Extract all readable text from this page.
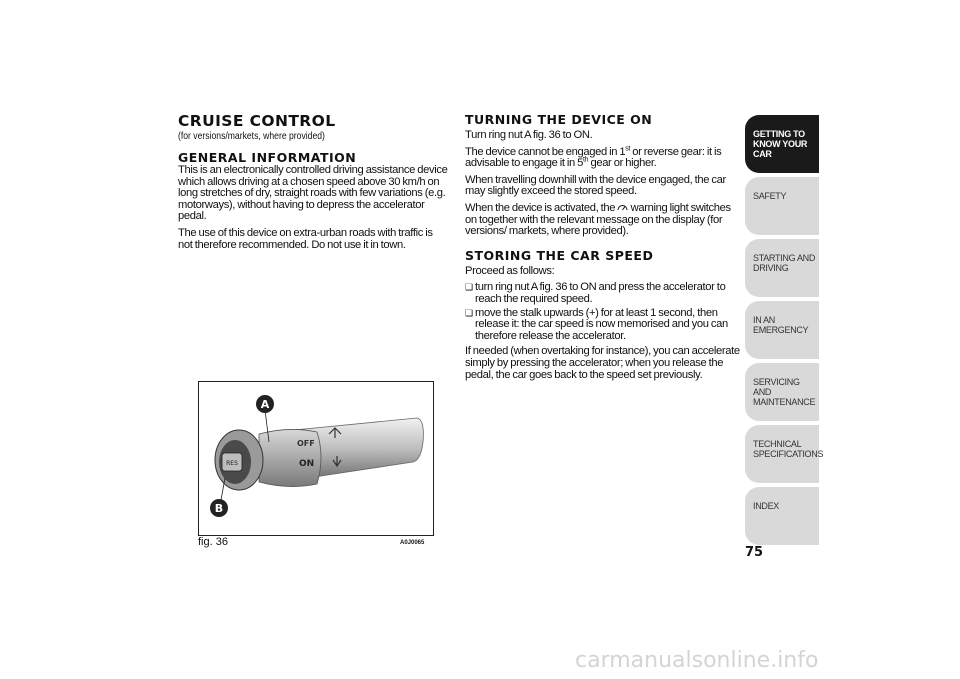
CRUISE CONTROL
(for versions/markets, where provided)
GENERAL INFORMATION

This is an electronically controlled driving assistance device which allows driving at a chosen speed above 30 km/h on long stretches of dry, straight roads with few variations (e.g. motorways), without having to depress the accelerator pedal.

The use of this device on extra-urban roads with traffic is not therefore recommended. Do not use it in town.

RES
OFF
ON
A
B
fig. 36	A0J0065
TURNING THE DEVICE ON

Turn ring nut A fig. 36 to ON.

The device cannot be engaged in 1st or reverse gear: it is advisable to engage it in 5th gear or higher.

When travelling downhill with the device engaged, the car may slightly exceed the stored speed.

When the device is activated, the  warning light switches on together with the relevant message on the display (for versions/ markets, where provided).

STORING THE CAR SPEED

Proceed as follows:

❏ turn ring nut A fig. 36 to ON and press the accelerator to reach the required speed.
❏ move the stalk upwards (+) for at least 1 second, then release it: the car speed is now memorised and you can therefore release the accelerator.

If needed (when overtaking for instance), you can accelerate simply by pressing the accelerator; when you release the pedal, the car goes back to the speed set previously.

GETTING TO KNOW YOUR CAR
SAFETY
STARTING AND DRIVING
IN AN EMERGENCY
SERVICING AND MAINTENANCE
TECHNICAL SPECIFICATIONS
INDEX
75
carmanualsonline.info
